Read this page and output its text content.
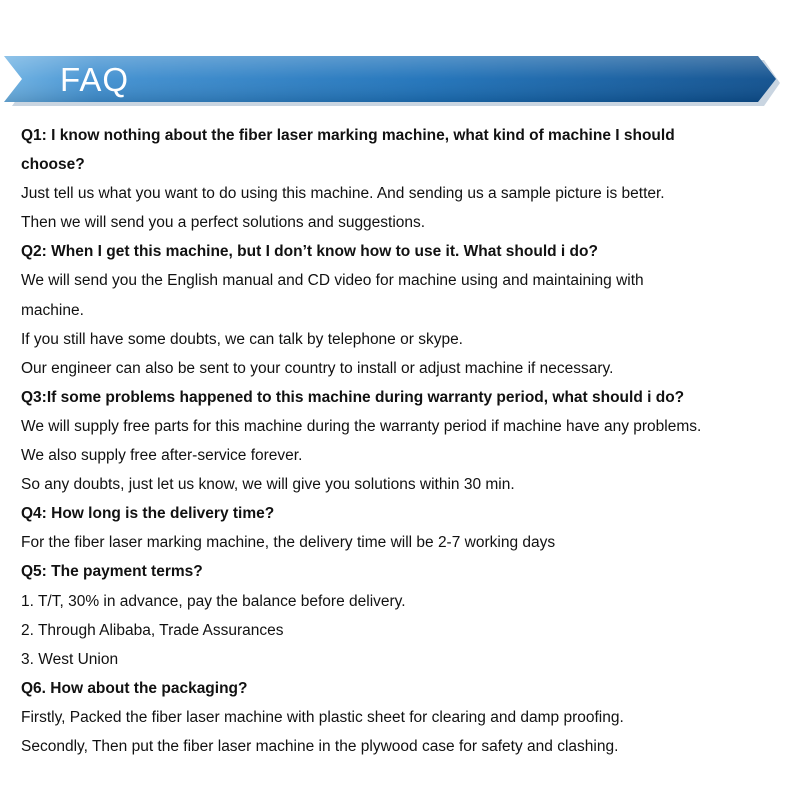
FAQ
Q1: I know nothing about the fiber laser marking machine, what kind of machine I should
choose?
Just tell us what you want to do using this machine. And sending us a sample picture is better.
Then we will send you a perfect solutions and suggestions.
Q2: When I get this machine, but I don’t know how to use it. What should i do?
We will send you the English manual and CD video for machine using and maintaining with
machine.
If you still have some doubts, we can talk by telephone or skype.
Our engineer can also be sent to your country to install or adjust machine if necessary.
Q3:If some problems happened to this machine during warranty period, what should i do?
We will supply free parts for this machine during the warranty period if machine have any problems.
We also supply free after-service forever.
So any doubts, just let us know, we will give you solutions within 30 min.
Q4: How long is the delivery time?
For the fiber laser marking machine, the delivery time will be 2-7 working days
Q5: The payment terms?
1. T/T, 30% in advance, pay the balance before delivery.
2. Through Alibaba, Trade Assurances
3. West Union
Q6. How about the packaging?
Firstly, Packed the fiber laser machine with plastic sheet for clearing and damp proofing.
Secondly, Then put the fiber laser machine in the plywood case for safety and clashing.
